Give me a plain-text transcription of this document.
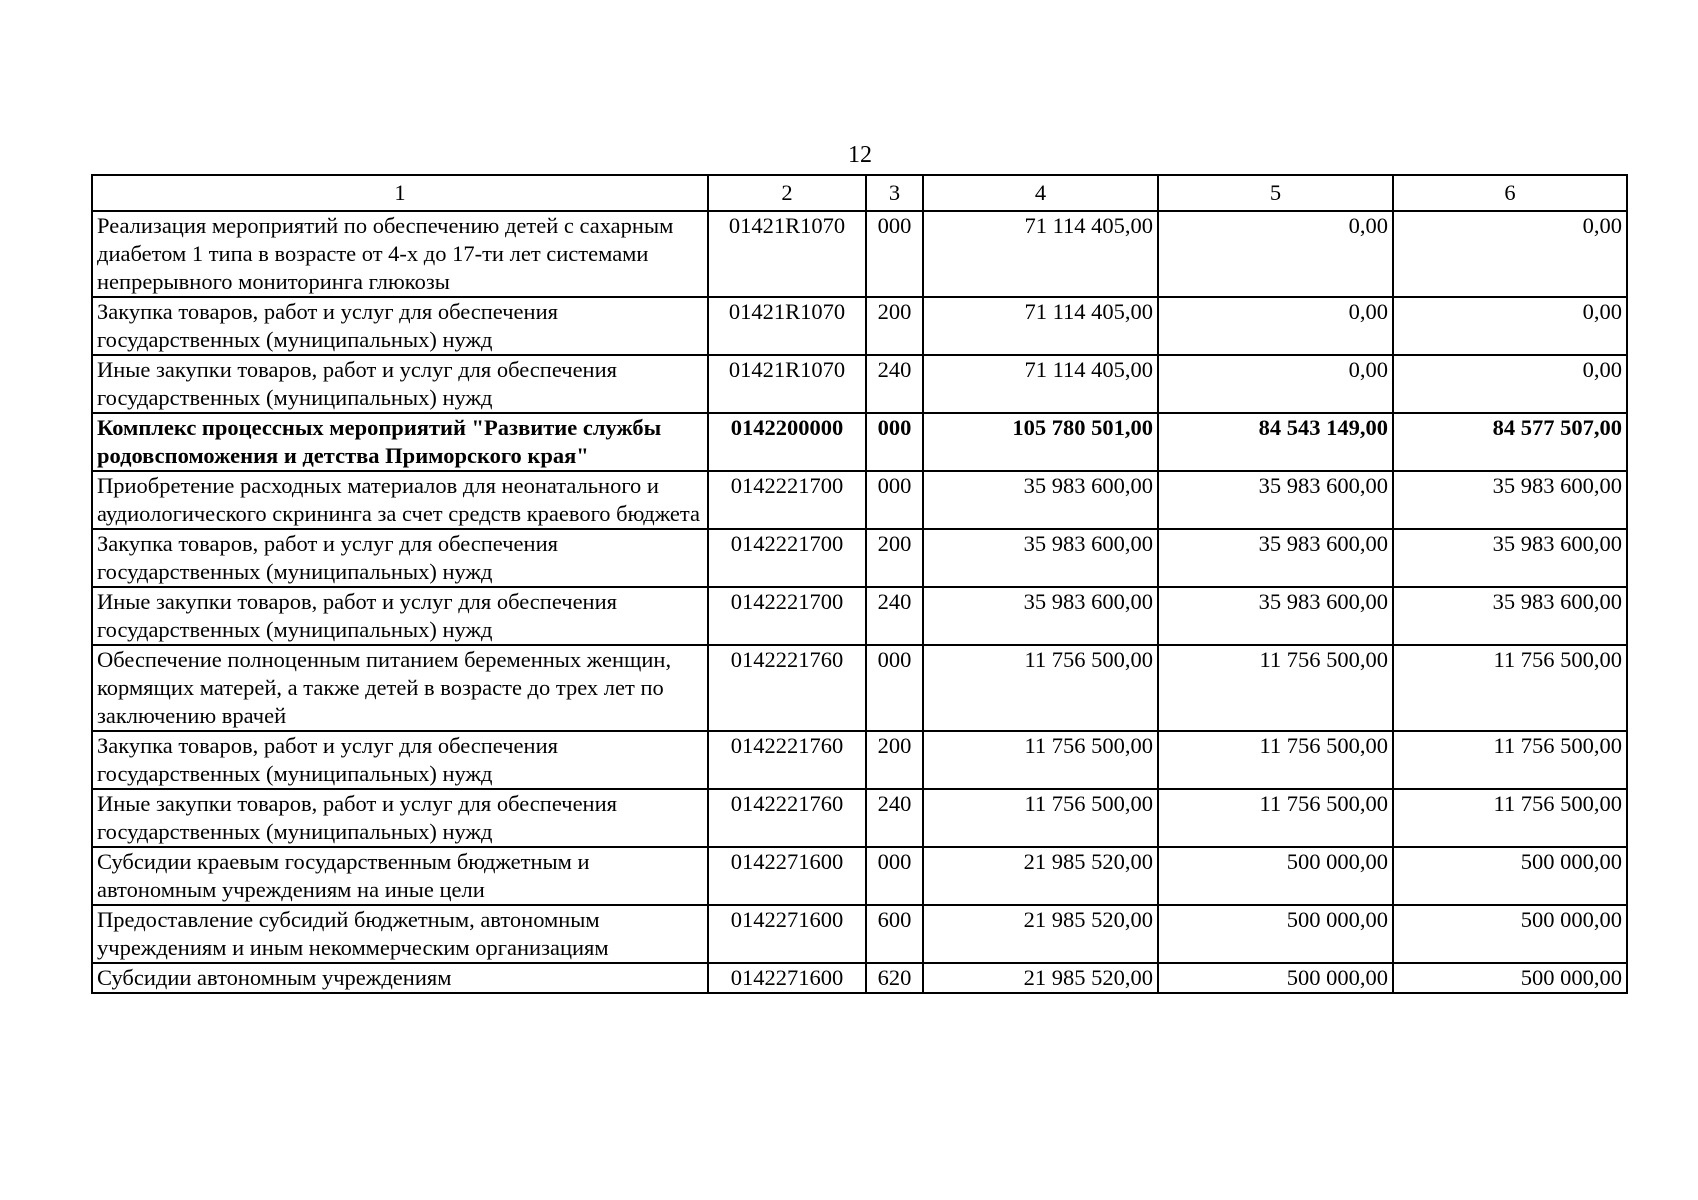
12
1	2	3	4	5	6
Реализация мероприятий по обеспечению детей с сахарным диабетом 1 типа в возрасте от 4-х до 17-ти лет системами непрерывного мониторинга глюкозы	01421R1070	000	71 114 405,00	0,00	0,00
Закупка товаров, работ и услуг для обеспечения государственных (муниципальных) нужд	01421R1070	200	71 114 405,00	0,00	0,00
Иные закупки товаров, работ и услуг для обеспечения государственных (муниципальных) нужд	01421R1070	240	71 114 405,00	0,00	0,00
Комплекс процессных мероприятий "Развитие службы родовспоможения и детства Приморского края"	0142200000	000	105 780 501,00	84 543 149,00	84 577 507,00
Приобретение расходных материалов для неонатального и аудиологического скрининга за счет средств краевого бюджета	0142221700	000	35 983 600,00	35 983 600,00	35 983 600,00
Закупка товаров, работ и услуг для обеспечения государственных (муниципальных) нужд	0142221700	200	35 983 600,00	35 983 600,00	35 983 600,00
Иные закупки товаров, работ и услуг для обеспечения государственных (муниципальных) нужд	0142221700	240	35 983 600,00	35 983 600,00	35 983 600,00
Обеспечение полноценным питанием беременных женщин, кормящих матерей, а также детей в возрасте до трех лет по заключению врачей	0142221760	000	11 756 500,00	11 756 500,00	11 756 500,00
Закупка товаров, работ и услуг для обеспечения государственных (муниципальных) нужд	0142221760	200	11 756 500,00	11 756 500,00	11 756 500,00
Иные закупки товаров, работ и услуг для обеспечения государственных (муниципальных) нужд	0142221760	240	11 756 500,00	11 756 500,00	11 756 500,00
Субсидии краевым государственным бюджетным и автономным учреждениям на иные цели	0142271600	000	21 985 520,00	500 000,00	500 000,00
Предоставление субсидий бюджетным, автономным учреждениям и иным некоммерческим организациям	0142271600	600	21 985 520,00	500 000,00	500 000,00
Субсидии автономным учреждениям	0142271600	620	21 985 520,00	500 000,00	500 000,00
